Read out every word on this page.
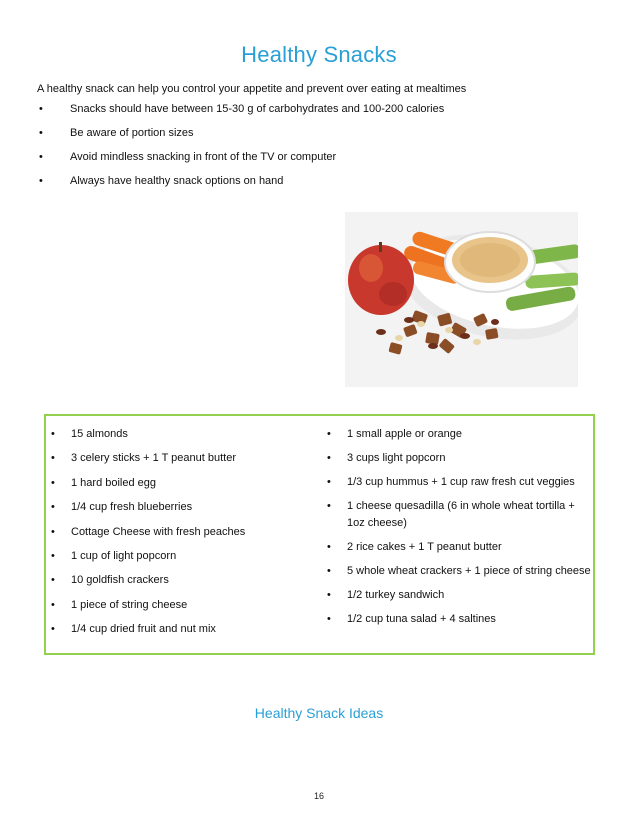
Healthy Snacks
A healthy snack can help you control your appetite and prevent over eating at mealtimes
• Snacks should have between 15-30 g of carbohydrates and 100-200 calories
• Be aware of portion sizes
• Avoid mindless snacking in front of the TV or computer
• Always have healthy snack options on hand
• 15 almonds
• 3 celery sticks + 1 T peanut butter
• 1 hard boiled egg
• 1/4 cup fresh blueberries
• Cottage Cheese with fresh peaches
• 1 cup of light popcorn
• 10 goldfish crackers
• 1 piece of string cheese
• 1/4 cup dried fruit and nut mix
• 1 small apple or orange
• 3 cups light popcorn
• 1/3 cup hummus + 1 cup raw fresh cut veggies
• 1 cheese quesadilla (6 in whole wheat tortilla + 1oz cheese)
• 2 rice cakes + 1 T peanut butter
• 5 whole wheat crackers + 1 piece of string cheese
• 1/2 turkey sandwich
• 1/2 cup tuna salad + 4 saltines
Healthy Snack Ideas
16
